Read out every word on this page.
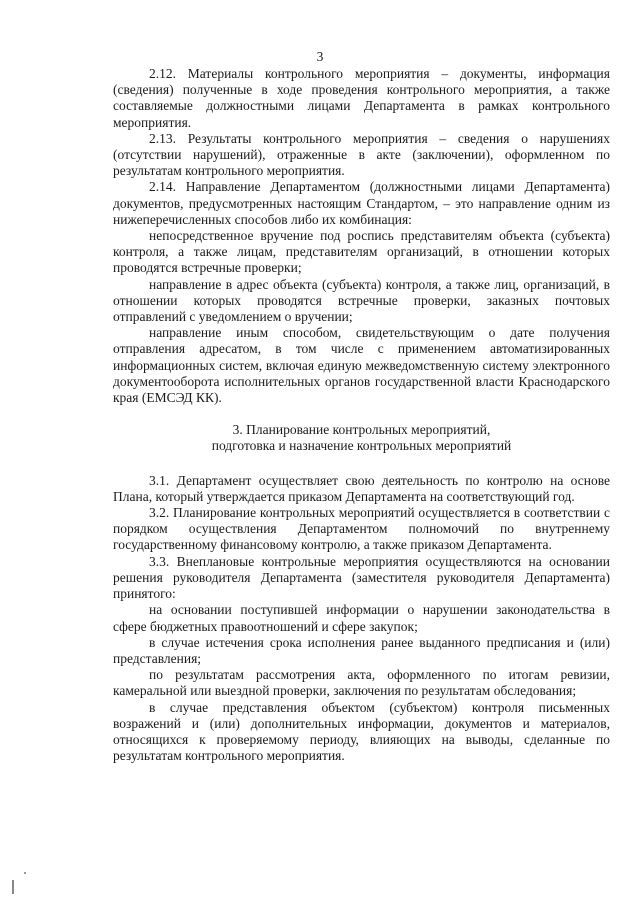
3

2.12. Материалы контрольного мероприятия – документы, информация (сведения) полученные в ходе проведения контрольного мероприятия, а также составляемые должностными лицами Департамента в рамках контрольного мероприятия.

2.13. Результаты контрольного мероприятия – сведения о нарушениях (отсутствии нарушений), отраженные в акте (заключении), оформленном по результатам контрольного мероприятия.

2.14. Направление Департаментом (должностными лицами Департамента) документов, предусмотренных настоящим Стандартом, – это направление одним из нижеперечисленных способов либо их комбинация:

непосредственное вручение под роспись представителям объекта (субъекта) контроля, а также лицам, представителям организаций, в отношении которых проводятся встречные проверки;

направление в адрес объекта (субъекта) контроля, а также лиц, организаций, в отношении которых проводятся встречные проверки, заказных почтовых отправлений с уведомлением о вручении;

направление иным способом, свидетельствующим о дате получения отправления адресатом, в том числе с применением автоматизированных информационных систем, включая единую межведомственную систему электронного документооборота исполнительных органов государственной власти Краснодарского края (ЕМСЭД КК).

3. Планирование контрольных мероприятий,
подготовка и назначение контрольных мероприятий

3.1. Департамент осуществляет свою деятельность по контролю на основе Плана, который утверждается приказом Департамента на соответствующий год.

3.2. Планирование контрольных мероприятий осуществляется в соответствии с порядком осуществления Департаментом полномочий по внутреннему государственному финансовому контролю, а также приказом Департамента.

3.3. Внеплановые контрольные мероприятия осуществляются на основании решения руководителя Департамента (заместителя руководителя Департамента) принятого:

на основании поступившей информации о нарушении законодательства в сфере бюджетных правоотношений и сфере закупок;

в случае истечения срока исполнения ранее выданного предписания и (или) представления;

по результатам рассмотрения акта, оформленного по итогам ревизии, камеральной или выездной проверки, заключения по результатам обследования;

в случае представления объектом (субъектом) контроля письменных возражений и (или) дополнительных информации, документов и материалов, относящихся к проверяемому периоду, влияющих на выводы, сделанные по результатам контрольного мероприятия.
